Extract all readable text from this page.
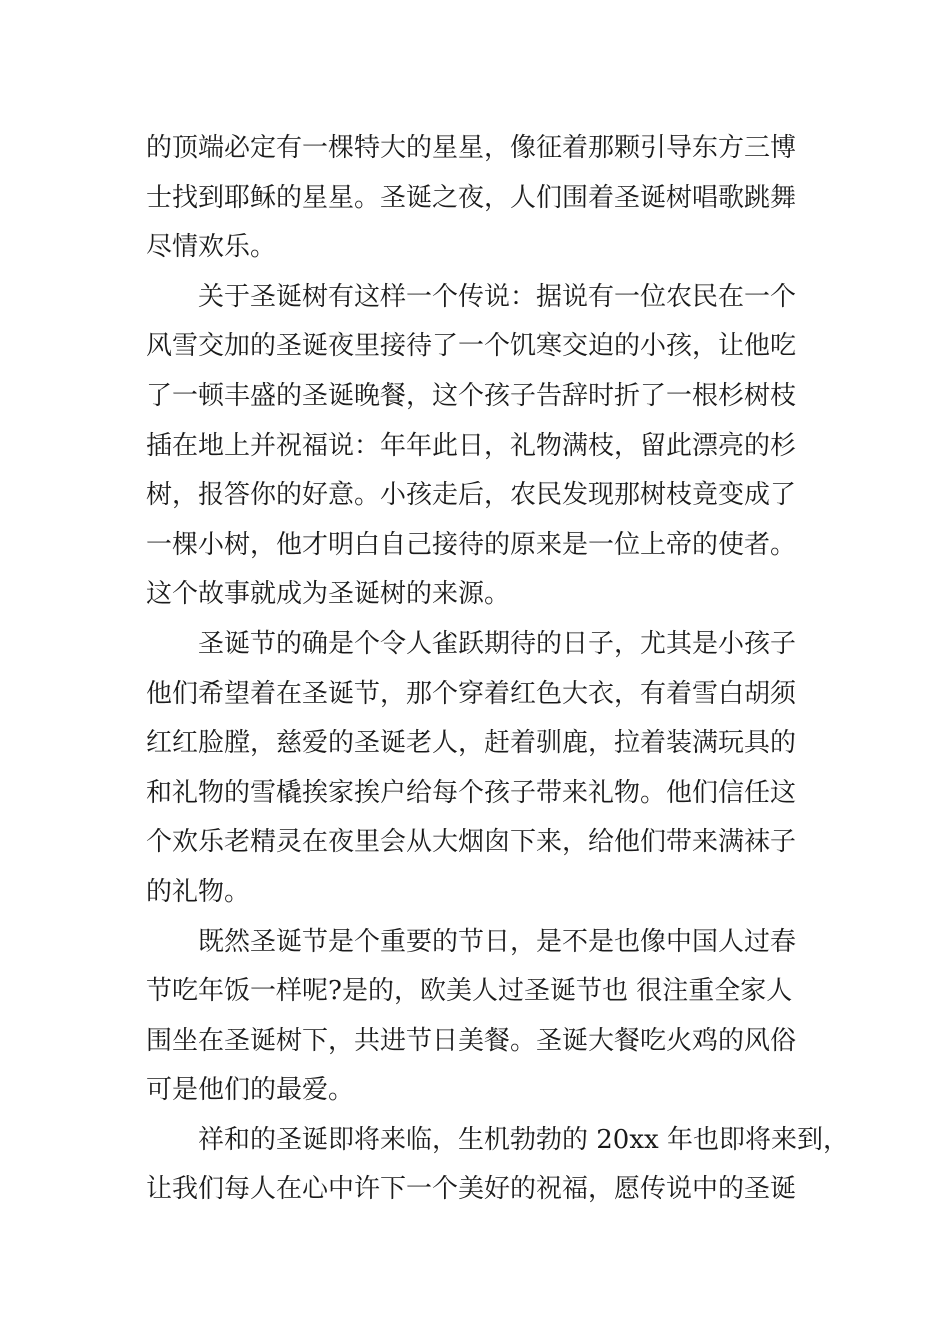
的顶端必定有一棵特大的星星，像征着那颗引导东方三博
士找到耶稣的星星。圣诞之夜，人们围着圣诞树唱歌跳舞
尽情欢乐。
关于圣诞树有这样一个传说：据说有一位农民在一个
风雪交加的圣诞夜里接待了一个饥寒交迫的小孩，让他吃
了一顿丰盛的圣诞晚餐，这个孩子告辞时折了一根杉树枝
插在地上并祝福说：年年此日，礼物满枝，留此漂亮的杉
树，报答你的好意。小孩走后，农民发现那树枝竟变成了
一棵小树，他才明白自己接待的原来是一位上帝的使者。
这个故事就成为圣诞树的来源。
圣诞节的确是个令人雀跃期待的日子，尤其是小孩子
他们希望着在圣诞节，那个穿着红色大衣，有着雪白胡须
红红脸膛，慈爱的圣诞老人，赶着驯鹿，拉着装满玩具的
和礼物的雪橇挨家挨户给每个孩子带来礼物。他们信任这
个欢乐老精灵在夜里会从大烟囱下来，给他们带来满袜子
的礼物。
既然圣诞节是个重要的节日，是不是也像中国人过春
节吃年饭一样呢?是的，欧美人过圣诞节也 很注重全家人
围坐在圣诞树下，共进节日美餐。圣诞大餐吃火鸡的风俗
可是他们的最爱。
祥和的圣诞即将来临，生机勃勃的 20xx 年也即将来到，
让我们每人在心中许下一个美好的祝福，愿传说中的圣诞
